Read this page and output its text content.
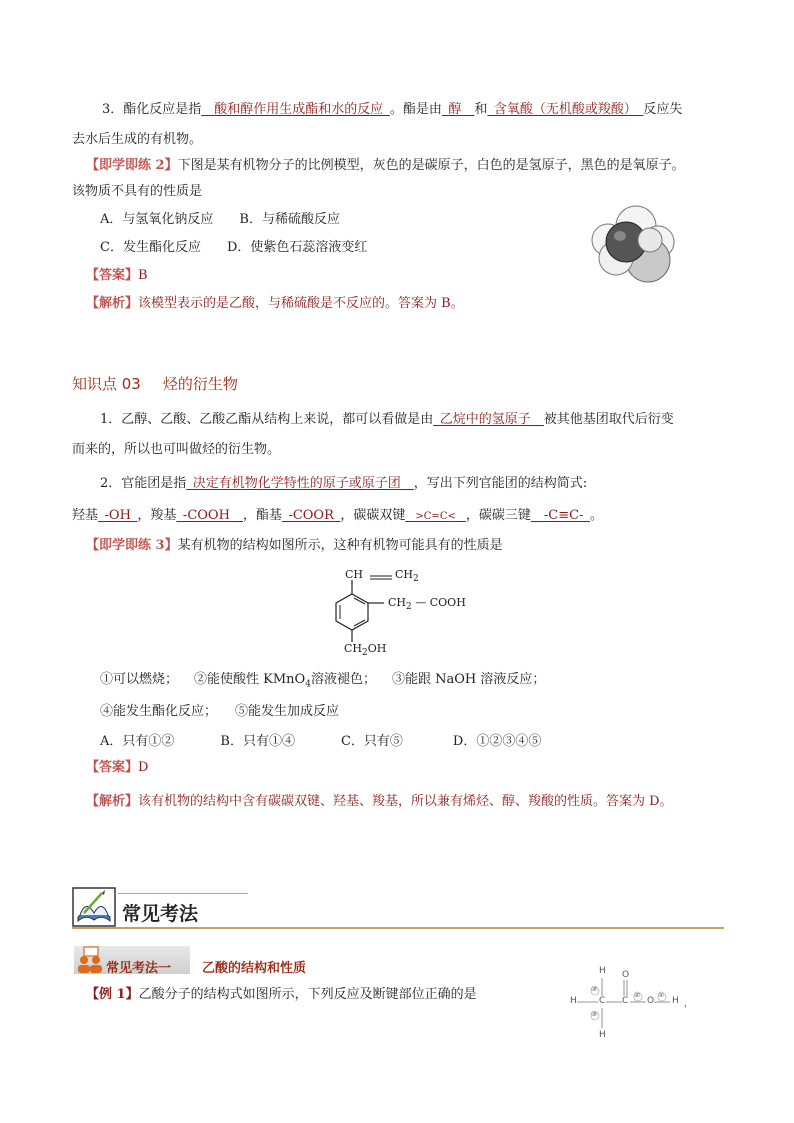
3．酯化反应是指__酸和醇作用生成酯和水的反应_。酯是由_醇__和_含氧酸（无机酸或羧酸）_反应失
去水后生成的有机物。
【即学即练 2】下图是某有机物分子的比例模型，灰色的是碳原子，白色的是氢原子，黑色的是氧原子。
该物质不具有的性质是
A．与氢氧化钠反应 B．与稀硫酸反应
C．发生酯化反应 D．使紫色石蕊溶液变红
【答案】B
【解析】该模型表示的是乙酸，与稀硫酸是不反应的。答案为 B。
知识点 03 烃的衍生物
1．乙醇、乙酸、乙酸乙酯从结构上来说，都可以看做是由_乙烷中的氢原子__被其他基团取代后衍变
而来的，所以也可叫做烃的衍生物。
2．官能团是指_决定有机物化学特性的原子或原子团__，写出下列官能团的结构简式:
羟基_-OH_，羧基_-COOH__，酯基_-COOR_，碳碳双键__>C=C<__，碳碳三键__-C≡C-_。
【即学即练 3】某有机物的结构如图所示，这种有机物可能具有的性质是
CH	$CH_2$
$CH_2$ — COOH
$CH_2OH$
①可以燃烧； ②能使酸性 KMnO$_4$溶液褪色； ③能跟 NaOH 溶液反应；
④能发生酯化反应； ⑤能发生加成反应
A．只有①②	B．只有①④	C．只有⑤	D．①②③④⑤
【答案】D
【解析】该有机物的结构中含有碳碳双键、羟基、羧基，所以兼有烯烃、醇、羧酸的性质。答案为 D。
常见考法
常见考法一 乙酸的结构和性质
【例 1】乙酸分子的结构式如图所示，下列反应及断键部位正确的是
H
H C C
O
O H
H
③
③
②	①
，
